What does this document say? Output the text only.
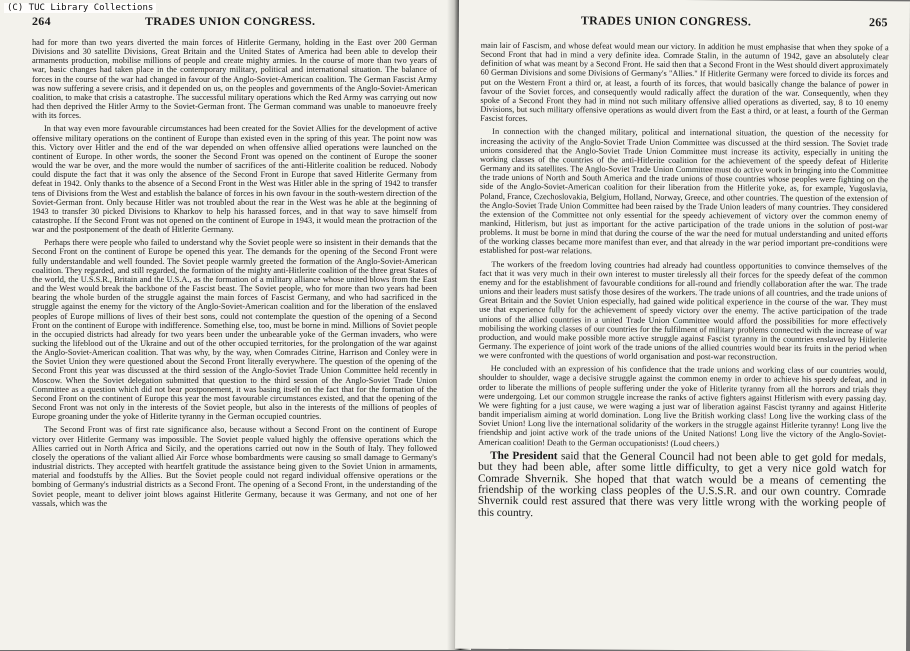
(C) TUC Library Collections
264	TRADES UNION CONGRESS.

had for more than two years diverted the main forces of Hitlerite Germany, holding in the East over 200 German Divisions and 30 satellite Divisions, Great Britain and the United States of America had been able to develop their armaments production, mobilise millions of people and create mighty armies. In the course of more than two years of war, basic changes had taken place in the contemporary military, political and international situation. The balance of forces in the course of the war had changed in favour of the Anglo-Soviet-American coalition. The German Fascist Army was now suffering a severe crisis, and it depended on us, on the peoples and governments of the Anglo-Soviet-American coalition, to make that crisis a catastrophe. The successful military operations which the Red Army was carrying out now had then deprived the Hitler Army to the Soviet-German front. The German command was unable to manoeuvre freely with its forces.

In that way even more favourable circumstances had been created for the Soviet Allies for the development of active offensive military operations on the continent of Europe than existed even in the spring of this year. The point now was this. Victory over Hitler and the end of the war depended on when offensive allied operations were launched on the continent of Europe. In other words, the sooner the Second Front was opened on the continent of Europe the sooner would the war be over, and the more would the number of sacrifices of the anti-Hitlerite coalition be reduced. Nobody could dispute the fact that it was only the absence of the Second Front in Europe that saved Hitlerite Germany from defeat in 1942. Only thanks to the absence of a Second Front in the West was Hitler able in the spring of 1942 to transfer tens of Divisions from the West and establish the balance of forces in his own favour in the south-western direction of the Soviet-German front. Only because Hitler was not troubled about the rear in the West was he able at the beginning of 1943 to transfer 30 picked Divisions to Kharkov to help his harassed forces, and in that way to save himself from catastrophe. If the Second Front was not opened on the continent of Europe in 1943, it would mean the protraction of the war and the postponement of the death of Hitlerite Germany.

Perhaps there were people who failed to understand why the Soviet people were so insistent in their demands that the Second Front on the continent of Europe be opened this year. The demands for the opening of the Second Front were fully understandable and well founded. The Soviet people warmly greeted the formation of the Anglo-Soviet-American coalition. They regarded, and still regarded, the formation of the mighty anti-Hitlerite coalition of the three great States of the world, the U.S.S.R., Britain and the U.S.A., as the formation of a military alliance whose united blows from the East and the West would break the backbone of the Fascist beast. The Soviet people, who for more than two years had been bearing the whole burden of the struggle against the main forces of Fascist Germany, and who had sacrificed in the struggle against the enemy for the victory of the Anglo-Soviet-American coalition and for the liberation of the enslaved peoples of Europe millions of lives of their best sons, could not contemplate the question of the opening of a Second Front on the continent of Europe with indifference. Something else, too, must be borne in mind. Millions of Soviet people in the occupied districts had already for two years been under the unbearable yoke of the German invaders, who were sucking the lifeblood out of the Ukraine and out of the other occupied territories, for the prolongation of the war against the Anglo-Soviet-American coalition. That was why, by the way, when Comrades Citrine, Harrison and Conley were in the Soviet Union they were questioned about the Second Front literally everywhere. The question of the opening of the Second Front this year was discussed at the third session of the Anglo-Soviet Trade Union Committee held recently in Moscow. When the Soviet delegation submitted that question to the third session of the Anglo-Soviet Trade Union Committee as a question which did not bear postponement, it was basing itself on the fact that for the formation of the Second Front on the continent of Europe this year the most favourable circumstances existed, and that the opening of the Second Front was not only in the interests of the Soviet people, but also in the interests of the millions of peoples of Europe groaning under the yoke of Hitlerite tyranny in the German occupied countries.

The Second Front was of first rate significance also, because without a Second Front on the continent of Europe victory over Hitlerite Germany was impossible. The Soviet people valued highly the offensive operations which the Allies carried out in North Africa and Sicily, and the operations carried out now in the South of Italy. They followed closely the operations of the valiant allied Air Force whose bombardments were causing so small damage to Germany's industrial districts. They accepted with heartfelt gratitude the assistance being given to the Soviet Union in armaments, material and foodstuffs by the Allies. But the Soviet people could not regard individual offensive operations or the bombing of Germany's industrial districts as a Second Front. The opening of a Second Front, in the understanding of the Soviet people, meant to deliver joint blows against Hitlerite Germany, because it was Germany, and not one of her vassals, which was the

TRADES UNION CONGRESS.	265

main lair of Fascism, and whose defeat would mean our victory. In addition he must emphasise that when they spoke of a Second Front that had in mind a very definite idea. Comrade Stalin, in the autumn of 1942, gave an absolutely clear definition of what was meant by a Second Front. He said then that a Second Front in the West should divert approximately 60 German Divisions and some Divisions of Germany's "Allies." If Hitlerite Germany were forced to divide its forces and put on the Western Front a third or, at least, a fourth of its forces, that would basically change the balance of power in favour of the Soviet forces, and consequently would radically affect the duration of the war. Consequently, when they spoke of a Second Front they had in mind not such military offensive allied operations as diverted, say, 8 to 10 enemy Divisions, but such military offensive operations as would divert from the East a third, or at least, a fourth of the German Fascist forces.

In connection with the changed military, political and international situation, the question of the necessity for increasing the activity of the Anglo-Soviet Trade Union Committee was discussed at the third session. The Soviet trade unions considered that the Anglo-Soviet Trade Union Committee must increase its activity, especially in uniting the working classes of the countries of the anti-Hitlerite coalition for the achievement of the speedy defeat of Hitlerite Germany and its satellites. The Anglo-Soviet Trade Union Committee must do active work in bringing into the Committee the trade unions of North and South America and the trade unions of those countries whose peoples were fighting on the side of the Anglo-Soviet-American coalition for their liberation from the Hitlerite yoke, as, for example, Yugoslavia, Poland, France, Czechoslovakia, Belgium, Holland, Norway, Greece, and other countries. The question of the extension of the Anglo-Soviet Trade Union Committee had been raised by the Trade Union leaders of many countries. They considered the extension of the Committee not only essential for the speedy achievement of victory over the common enemy of mankind, Hitlerism, but just as important for the active participation of the trade unions in the solution of post-war problems. It must be borne in mind that during the course of the war the need for mutual understanding and united efforts of the working classes became more manifest than ever, and that already in the war period important pre-conditions were established for post-war relations.

The workers of the freedom loving countries had already had countless opportunities to convince themselves of the fact that it was very much in their own interest to muster tirelessly all their forces for the speedy defeat of the common enemy and for the establishment of favourable conditions for all-round and friendly collaboration after the war. The trade unions and their leaders must satisfy those desires of the workers. The trade unions of all countries, and the trade unions of Great Britain and the Soviet Union especially, had gained wide political experience in the course of the war. They must use that experience fully for the achievement of speedy victory over the enemy. The active participation of the trade unions of the allied countries in a united Trade Union Committee would afford the possibilities for more effectively mobilising the working classes of our countries for the fulfilment of military problems connected with the increase of war production, and would make possible more active struggle against Fascist tyranny in the countries enslaved by Hitlerite Germany. The experience of joint work of the trade unions of the allied countries would bear its fruits in the period when we were confronted with the questions of world organisation and post-war reconstruction.

He concluded with an expression of his confidence that the trade unions and working class of our countries would, shoulder to shoulder, wage a decisive struggle against the common enemy in order to achieve his speedy defeat, and in order to liberate the millions of people suffering under the yoke of Hitlerite tyranny from all the horrors and trials they were undergoing. Let our common struggle increase the ranks of active fighters against Hitlerism with every passing day. We were fighting for a just cause, we were waging a just war of liberation against Fascist tyranny and against Hitlerite bandit imperialism aiming at world domination. Long live the British working class! Long live the working class of the Soviet Union! Long live the international solidarity of the workers in the struggle against Hitlerite tyranny! Long live the friendship and joint active work of the trade unions of the United Nations! Long live the victory of the Anglo-Soviet-American coalition! Death to the German occupationists! (Loud cheers.)

The President said that the General Council had not been able to get gold for medals, but they had been able, after some little difficulty, to get a very nice gold watch for Comrade Shvernik. She hoped that that watch would be a means of cementing the friendship of the working class peoples of the U.S.S.R. and our own country. Comrade Shvernik could rest assured that there was very little wrong with the working people of this country.
